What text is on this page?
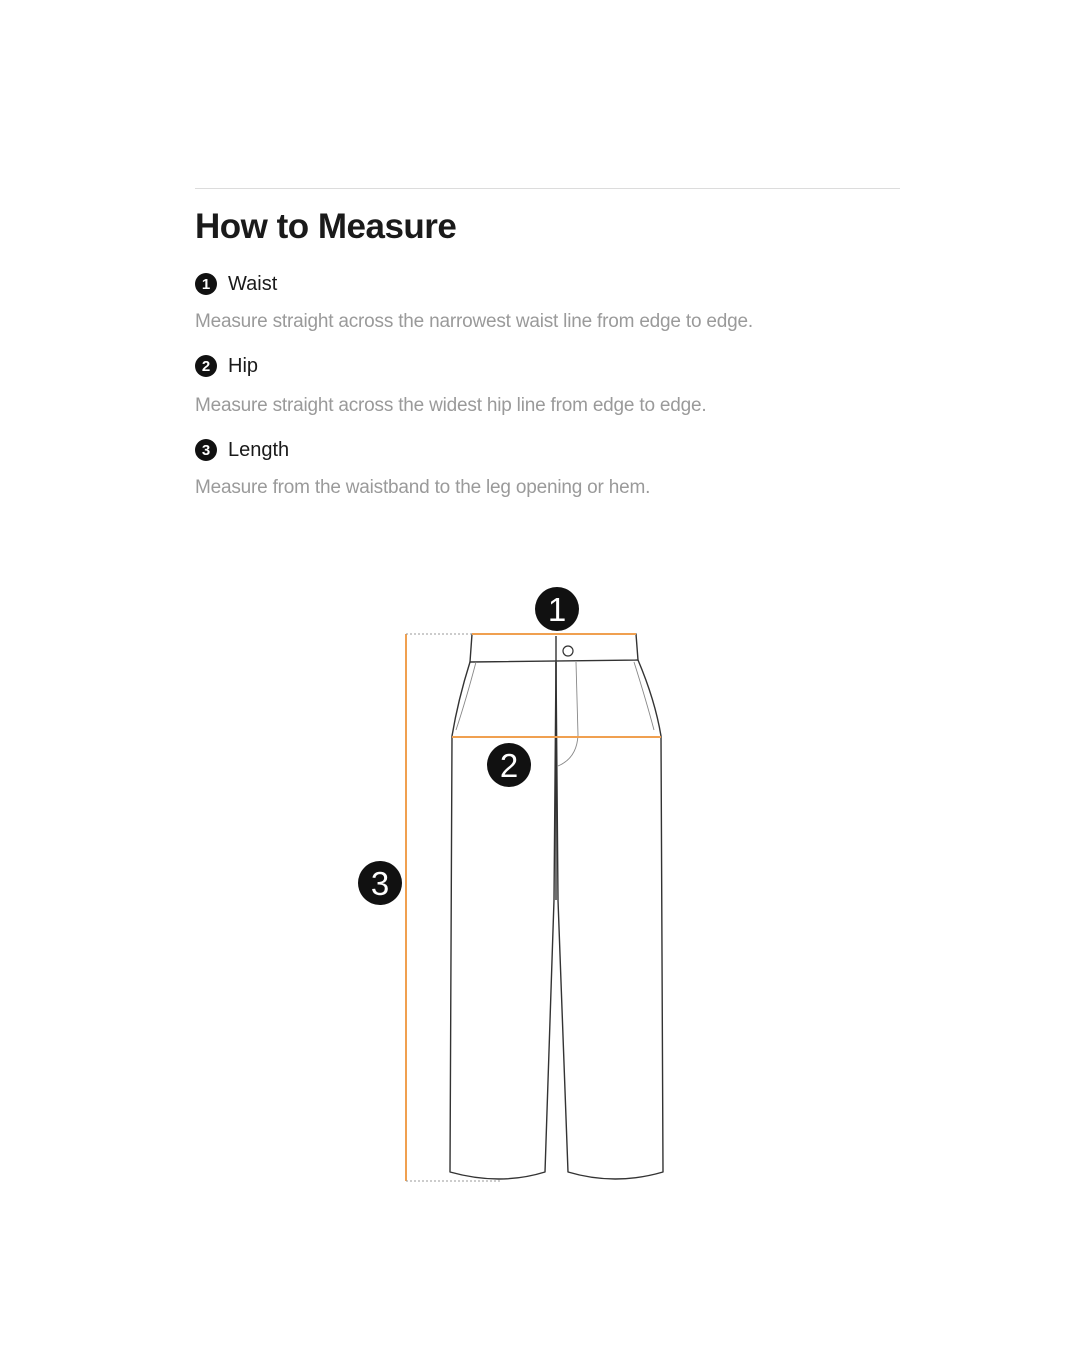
How to Measure
1 Waist
Measure straight across the narrowest waist line from edge to edge.
2 Hip
Measure straight across the widest hip line from edge to edge.
3 Length
Measure from the waistband to the leg opening or hem.
1
2
3
